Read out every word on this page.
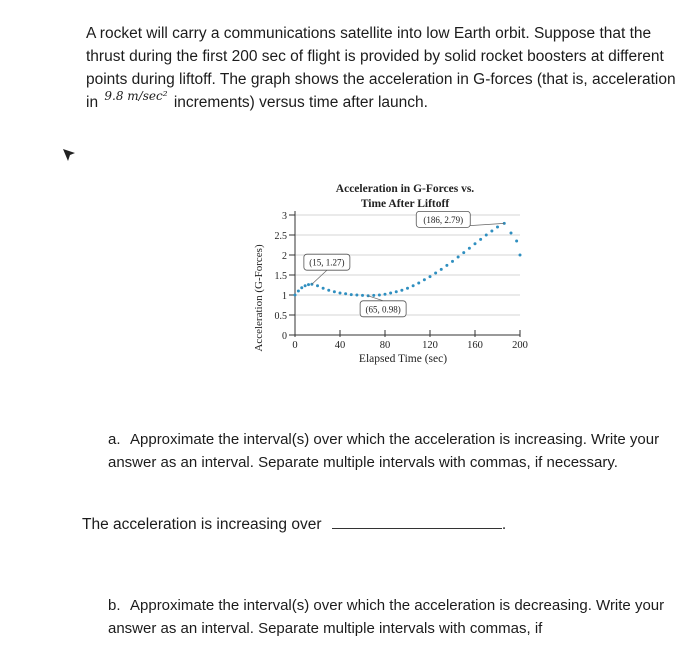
A rocket will carry a communications satellite into low Earth orbit. Suppose that the thrust during the first 200 sec of flight is provided by solid rocket boosters at different points during liftoff. The graph shows the acceleration in G-forces (that is, acceleration in $^{9.8 m/sec^2}$ increments) versus time after launch.
Acceleration in G-Forces vs.
Time After Liftoff
Acceleration (G-Forces)
Elapsed Time (sec)
0
0.5
1
1.5
2
2.5
3
0	40	80	120	160	200
(15, 1.27)
(65, 0.98)
(186, 2.79)
a. Approximate the interval(s) over which the acceleration is increasing. Write your answer as an interval. Separate multiple intervals with commas, if necessary.
The acceleration is increasing over	.
b. Approximate the interval(s) over which the acceleration is decreasing. Write your answer as an interval. Separate multiple intervals with commas, if
